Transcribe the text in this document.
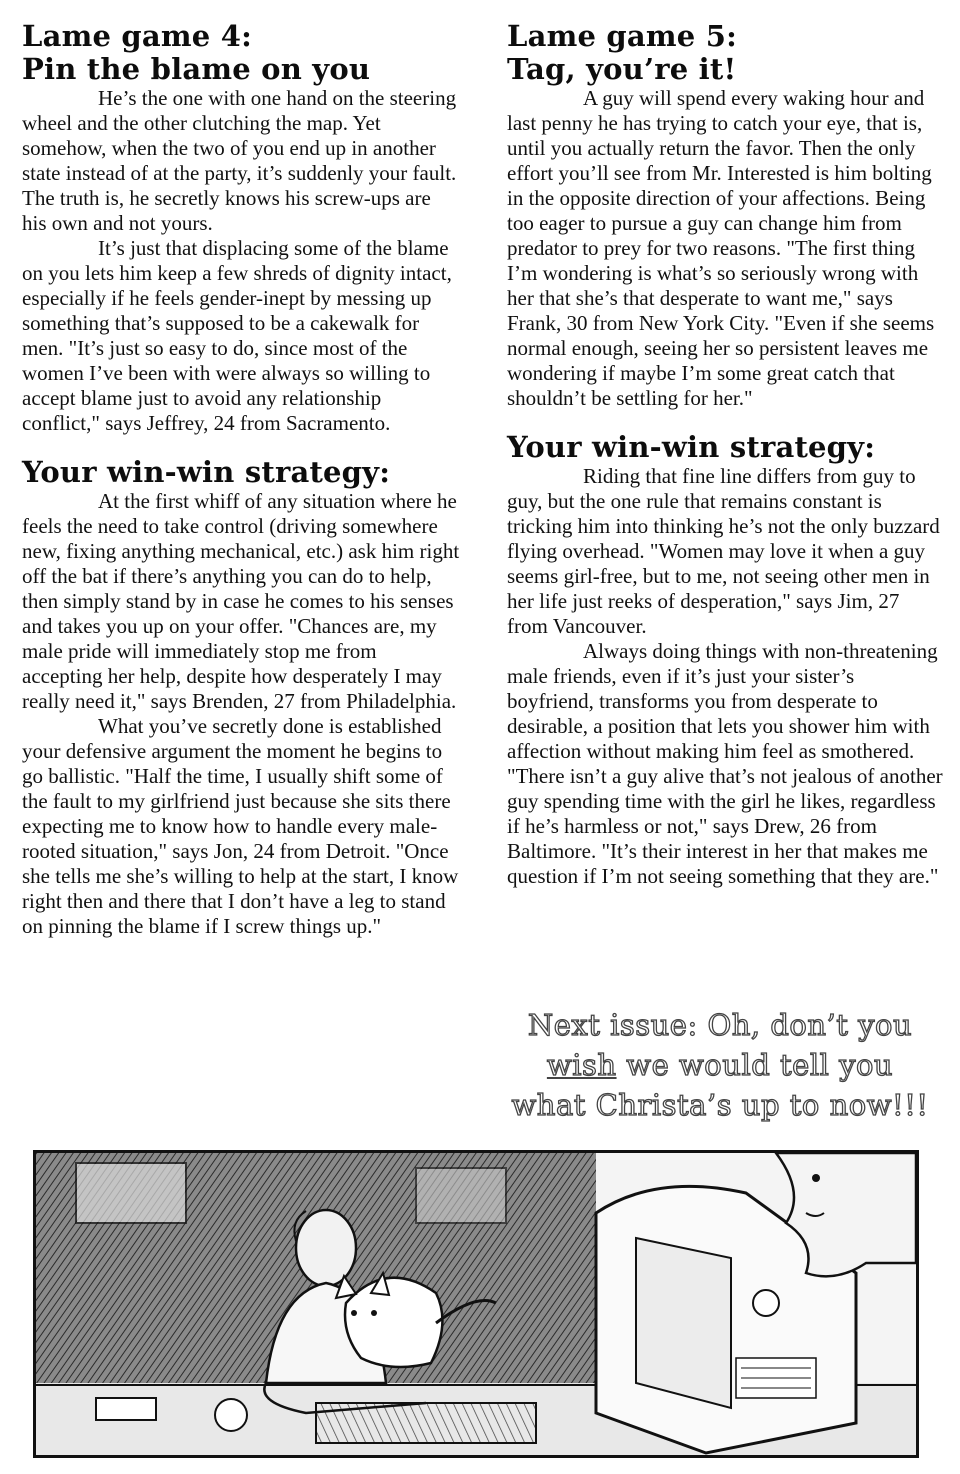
Lame game 4:
Pin the blame on you

He’s the one with one hand on the steering wheel and the other clutching the map. Yet somehow, when the two of you end up in another state instead of at the party, it’s suddenly your fault. The truth is, he secretly knows his screw-ups are his own and not yours.

It’s just that displacing some of the blame on you lets him keep a few shreds of dignity intact, especially if he feels gender-inept by messing up something that’s supposed to be a cakewalk for men. "It’s just so easy to do, since most of the women I’ve been with were always so willing to accept blame just to avoid any relationship conflict," says Jeffrey, 24 from Sacramento.

Your win-win strategy:

At the first whiff of any situation where he feels the need to take control (driving somewhere new, fixing anything mechanical, etc.) ask him right off the bat if there’s anything you can do to help, then simply stand by in case he comes to his senses and takes you up on your offer. "Chances are, my male pride will immediately stop me from accepting her help, despite how desperately I may really need it," says Brenden, 27 from Philadelphia.

What you’ve secretly done is established your defensive argument the moment he begins to go ballistic. "Half the time, I usually shift some of the fault to my girlfriend just because she sits there expecting me to know how to handle every male-rooted situation," says Jon, 24 from Detroit. "Once she tells me she’s willing to help at the start, I know right then and there that I don’t have a leg to stand on pinning the blame if I screw things up."

Lame game 5:
Tag, you’re it!

A guy will spend every waking hour and last penny he has trying to catch your eye, that is, until you actually return the favor. Then the only effort you’ll see from Mr. Interested is him bolting in the opposite direction of your affections. Being too eager to pursue a guy can change him from predator to prey for two reasons. "The first thing I’m wondering is what’s so seriously wrong with her that she’s that desperate to want me," says Frank, 30 from New York City. "Even if she seems normal enough, seeing her so persistent leaves me wondering if maybe I’m some great catch that shouldn’t be settling for her."

Your win-win strategy:

Riding that fine line differs from guy to guy, but the one rule that remains constant is tricking him into thinking he’s not the only buzzard flying overhead. "Women may love it when a guy seems girl-free, but to me, not seeing other men in her life just reeks of desperation," says Jim, 27 from Vancouver.

Always doing things with non-threatening male friends, even if it’s just your sister’s boyfriend, transforms you from desperate to desirable, a position that lets you shower him with affection without making him feel as smothered. "There isn’t a guy alive that’s not jealous of another guy spending time with the girl he likes, regardless if he’s harmless or not," says Drew, 26 from Baltimore. "It’s their interest in her that makes me question if I’m not seeing something that they are."

Next issue: Oh, don’t you
wish we would tell you
what Christa’s up to now!!!
